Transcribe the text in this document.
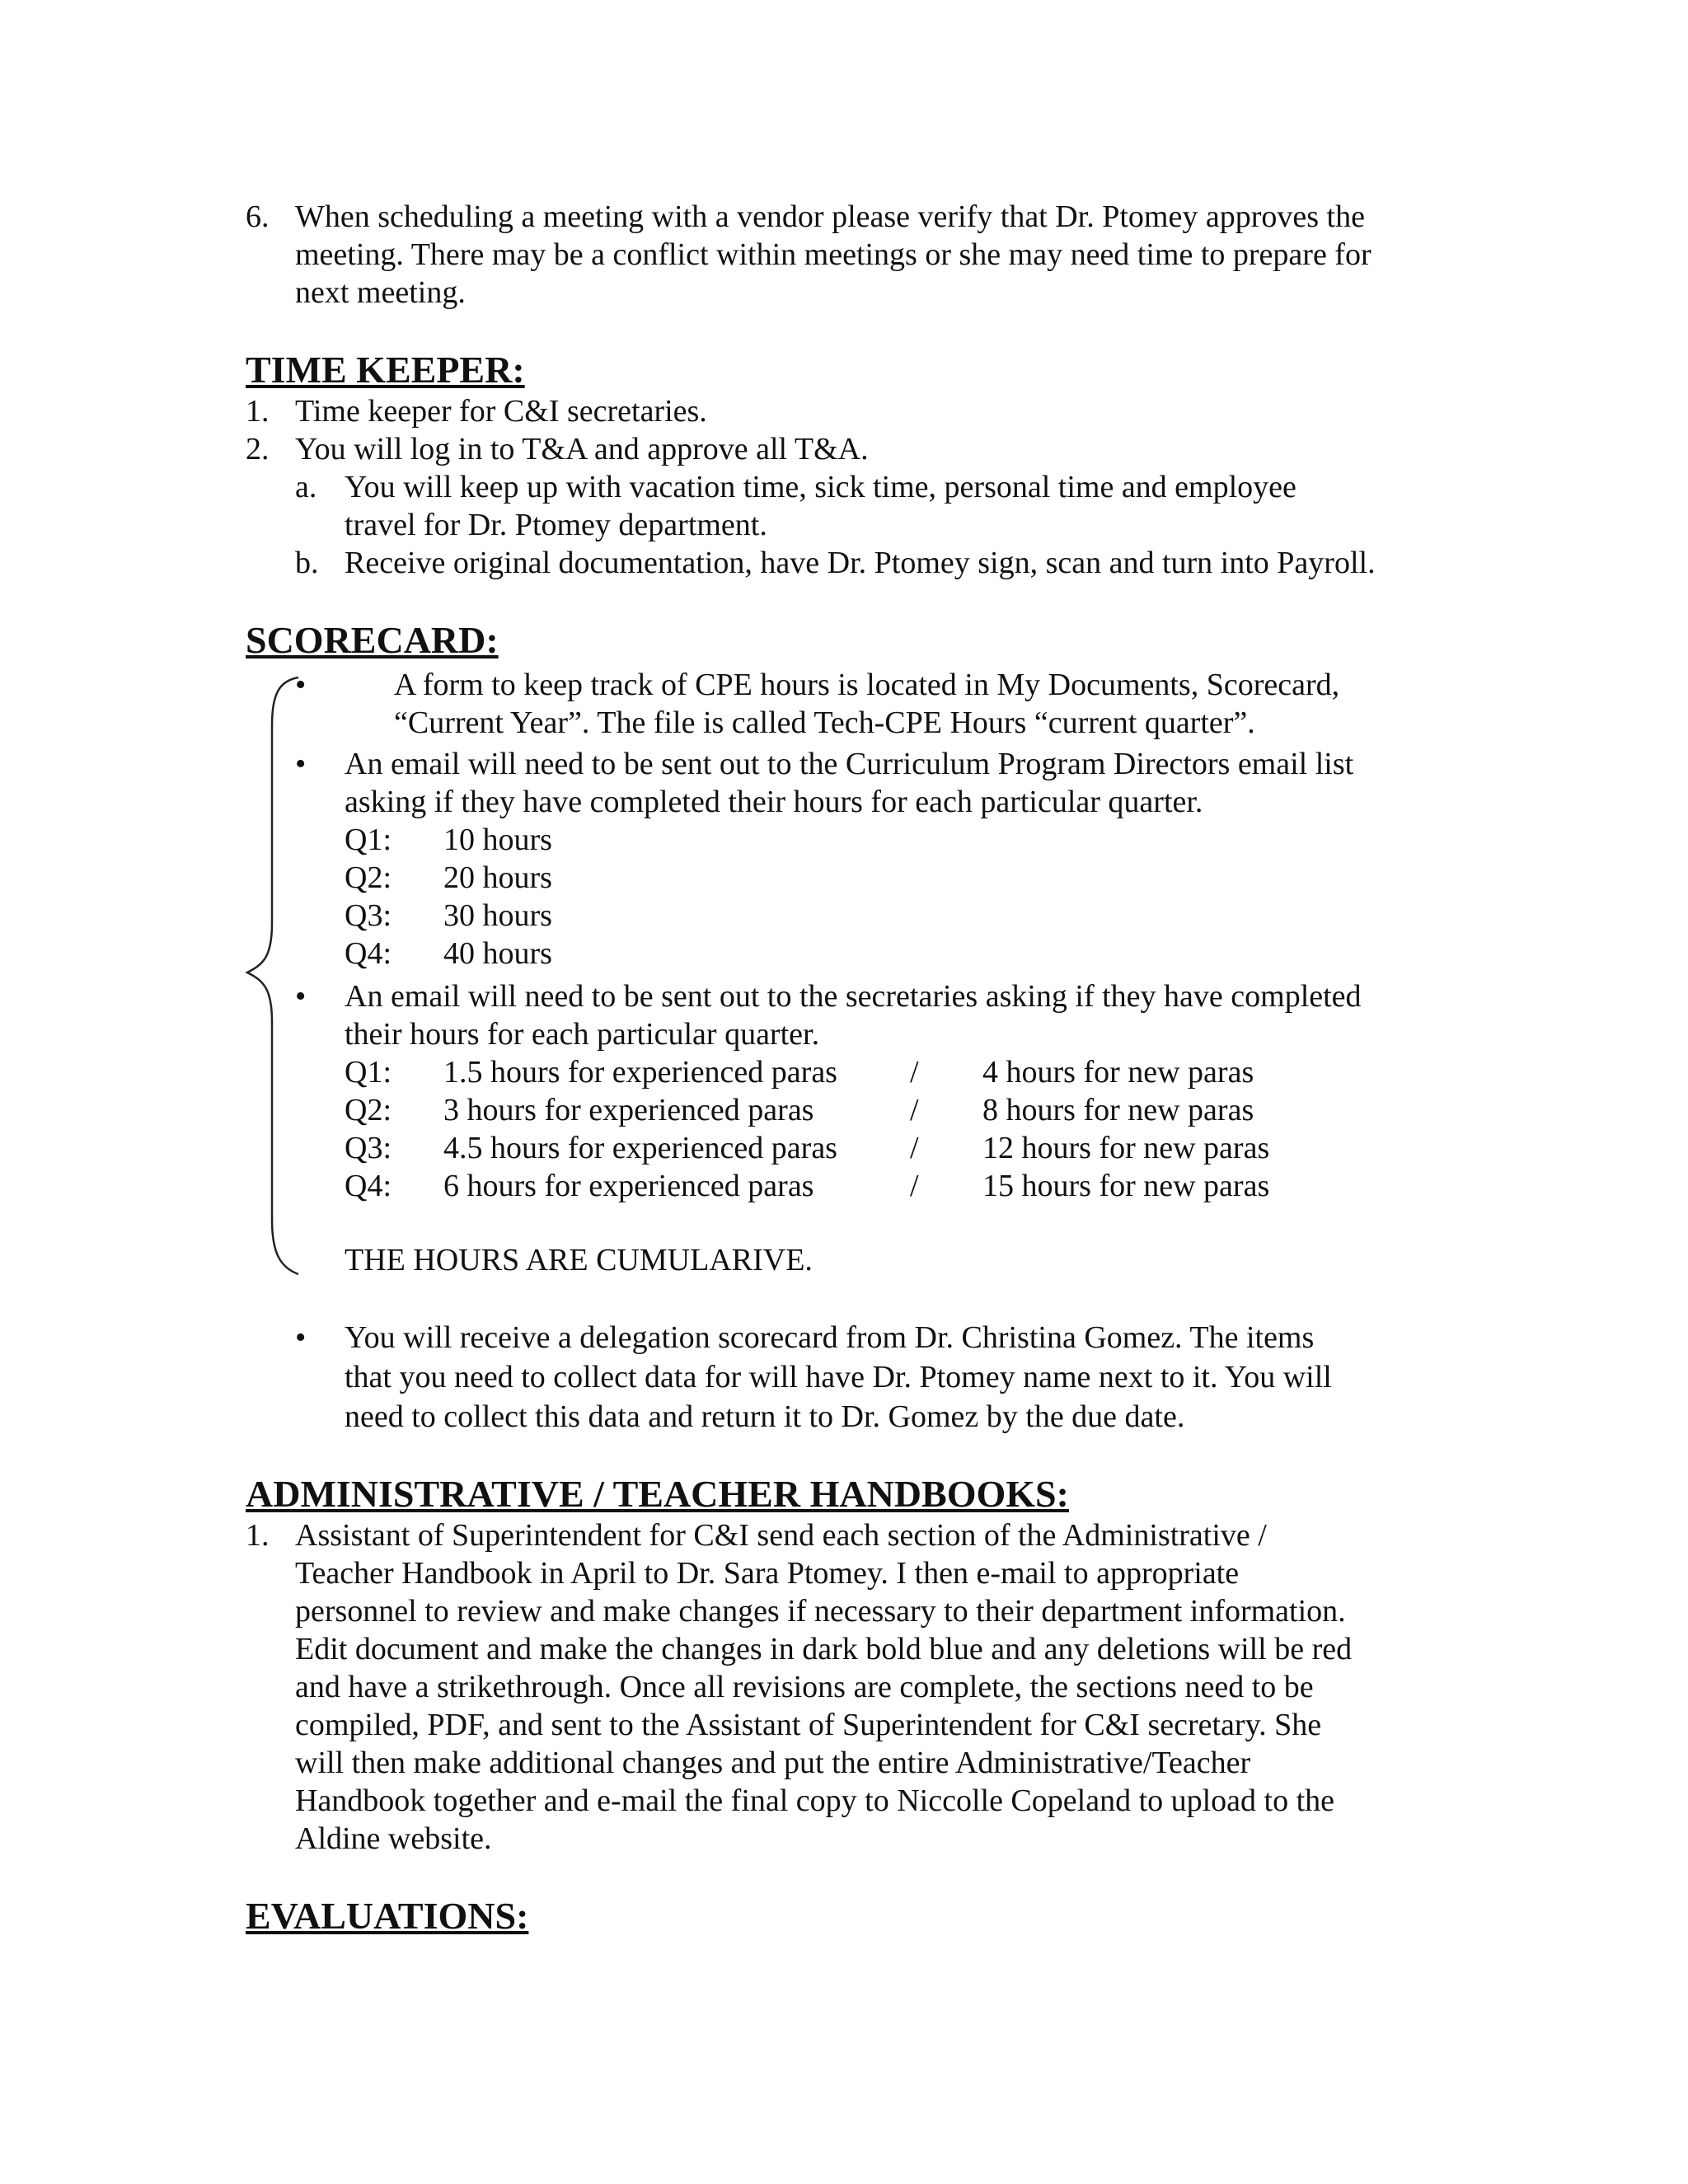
6. When scheduling a meeting with a vendor please verify that Dr. Ptomey approves the
meeting. There may be a conflict within meetings or she may need time to prepare for
next meeting.
TIME KEEPER:
1. Time keeper for C&I secretaries.
2. You will log in to T&A and approve all T&A.
a. You will keep up with vacation time, sick time, personal time and employee
travel for Dr. Ptomey department.
b. Receive original documentation, have Dr. Ptomey sign, scan and turn into Payroll.
SCORECARD:
•	A form to keep track of CPE hours is located in My Documents, Scorecard,
“Current Year”. The file is called Tech-CPE Hours “current quarter”.
• An email will need to be sent out to the Curriculum Program Directors email list
asking if they have completed their hours for each particular quarter.
Q1: 10 hours
Q2: 20 hours
Q3: 30 hours
Q4: 40 hours
• An email will need to be sent out to the secretaries asking if they have completed
their hours for each particular quarter.
Q1: 1.5 hours for experienced paras / 4 hours for new paras
Q2: 3 hours for experienced paras	/ 8 hours for new paras
Q3: 4.5 hours for experienced paras / 12 hours for new paras
Q4: 6 hours for experienced paras	/ 15 hours for new paras
THE HOURS ARE CUMULARIVE.
• You will receive a delegation scorecard from Dr. Christina Gomez. The items
that you need to collect data for will have Dr. Ptomey name next to it. You will
need to collect this data and return it to Dr. Gomez by the due date.
ADMINISTRATIVE / TEACHER HANDBOOKS:
1. Assistant of Superintendent for C&I send each section of the Administrative /
Teacher Handbook in April to Dr. Sara Ptomey. I then e-mail to appropriate
personnel to review and make changes if necessary to their department information.
Edit document and make the changes in dark bold blue and any deletions will be red
and have a strikethrough. Once all revisions are complete, the sections need to be
compiled, PDF, and sent to the Assistant of Superintendent for C&I secretary. She
will then make additional changes and put the entire Administrative/Teacher
Handbook together and e-mail the final copy to Niccolle Copeland to upload to the
Aldine website.
EVALUATIONS:
